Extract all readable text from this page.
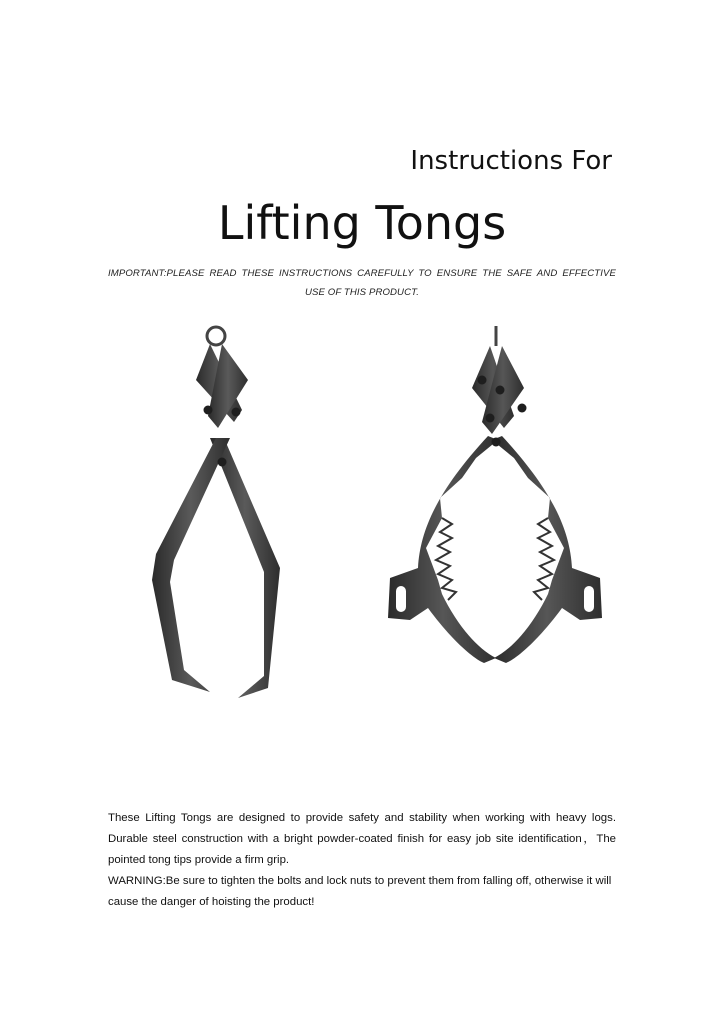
Instructions For
Lifting Tongs
IMPORTANT:PLEASE READ THESE INSTRUCTIONS CAREFULLY TO ENSURE THE SAFE AND EFFECTIVE USE OF THIS PRODUCT.

These Lifting Tongs are designed to provide safety and stability when working with heavy logs. Durable steel construction with a bright powder-coated finish for easy job site identification，The pointed tong tips provide a firm grip.

WARNING:Be sure to tighten the bolts and lock nuts to prevent them from falling off, otherwise it will cause the danger of hoisting the product!
